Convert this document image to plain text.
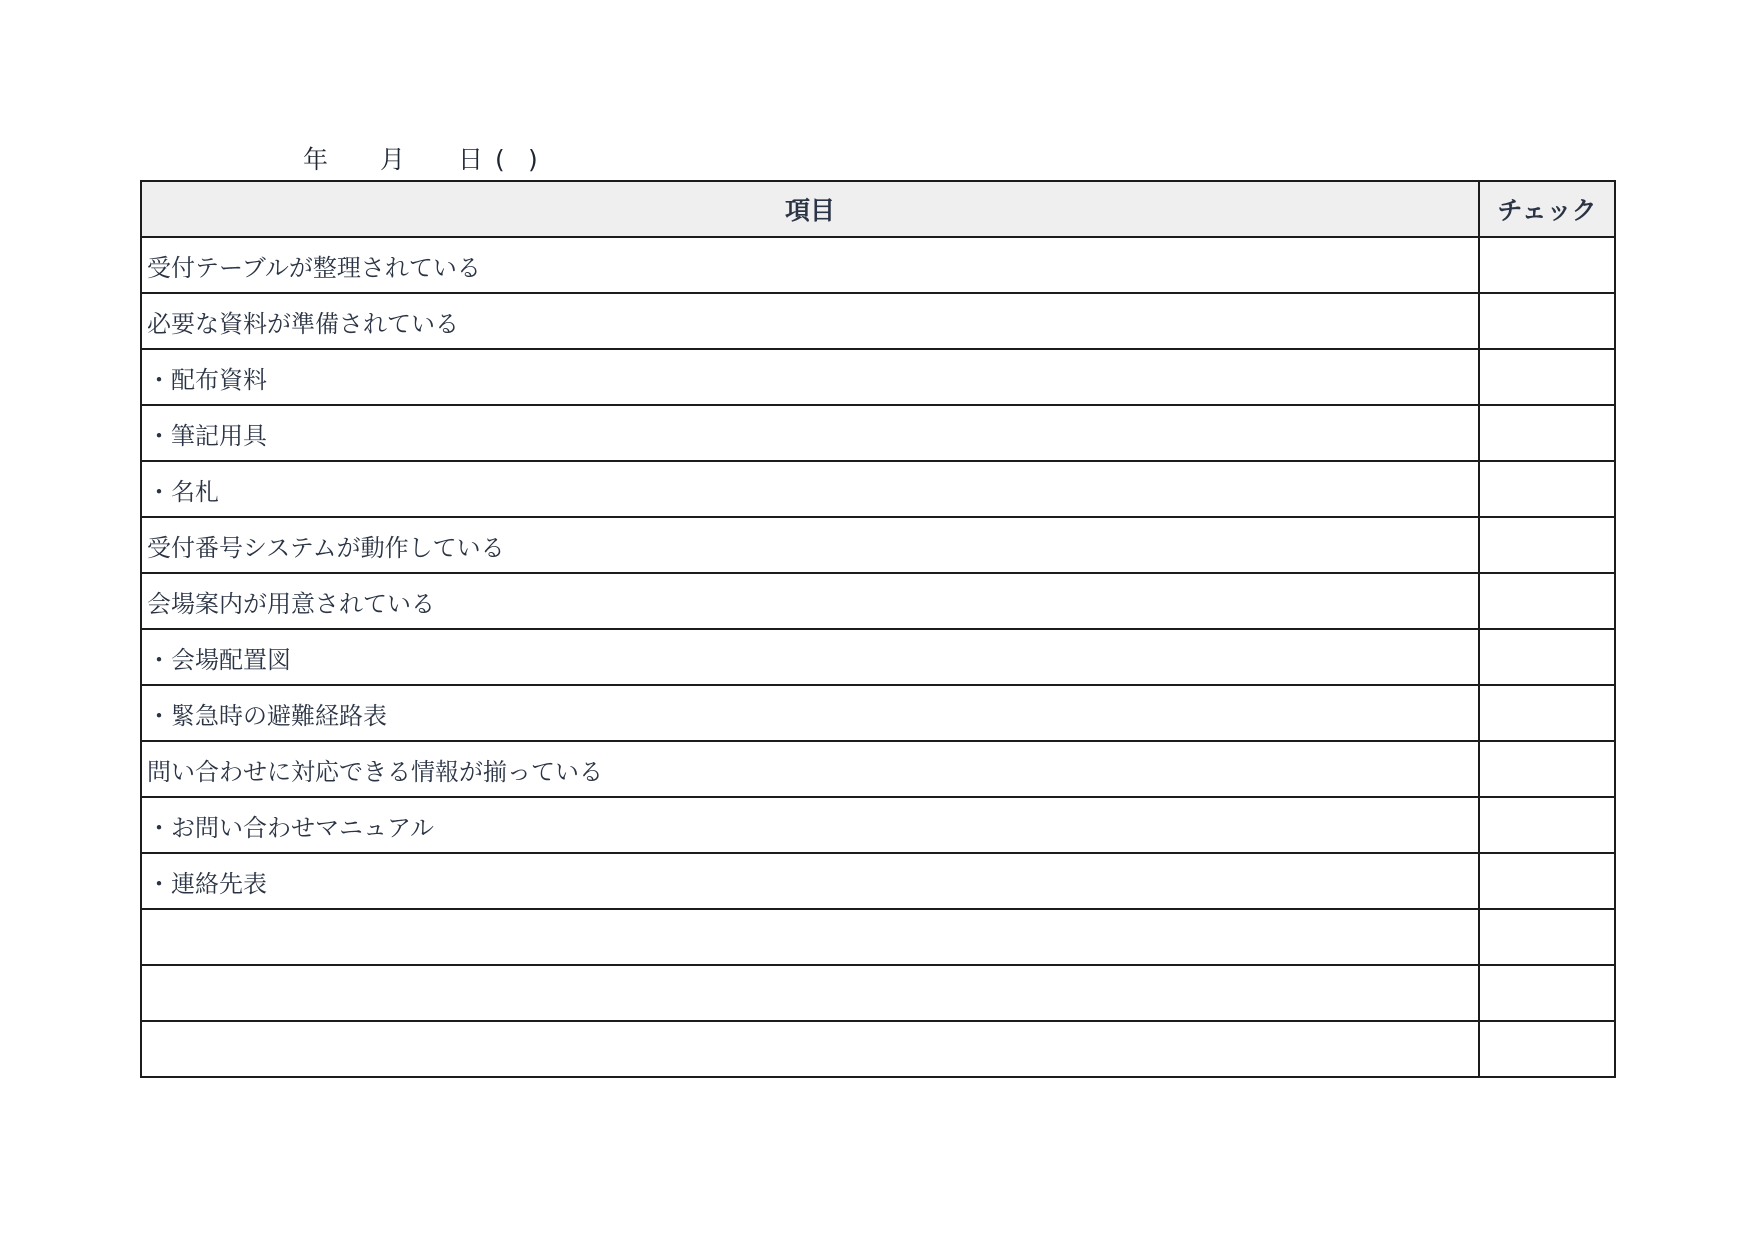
年

月

日

(

)

項目	チェック
受付テーブルが整理されている	
必要な資料が準備されている	
・配布資料	
・筆記用具	
・名札	
受付番号システムが動作している	
会場案内が用意されている	
・会場配置図	
・緊急時の避難経路表	
問い合わせに対応できる情報が揃っている	
・お問い合わせマニュアル	
・連絡先表	
